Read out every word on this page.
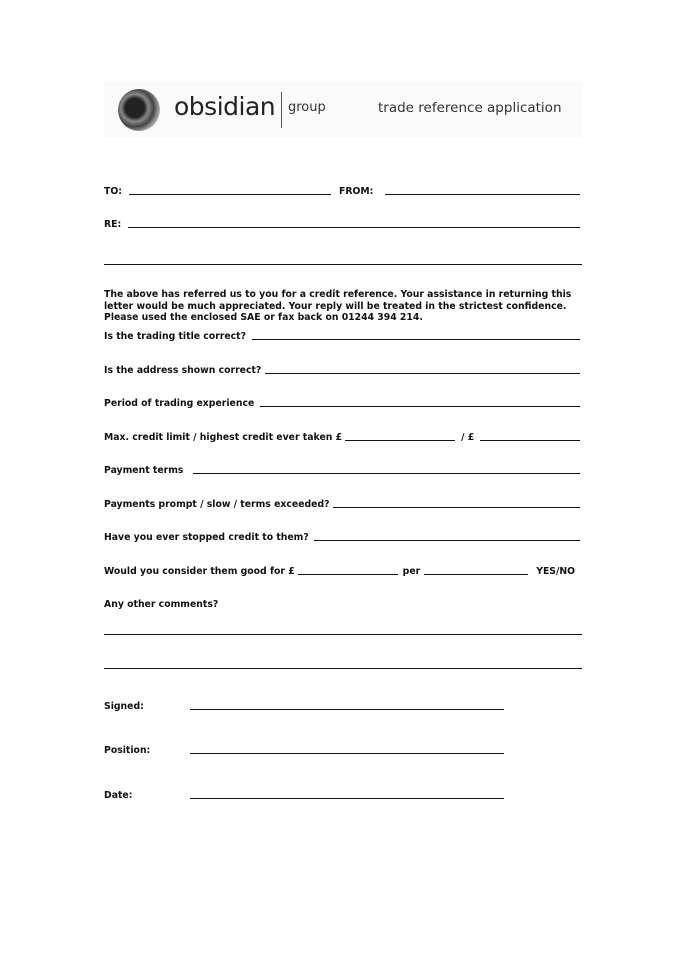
obsidian group	trade reference application
TO:	FROM:
RE:
The above has referred us to you for a credit reference. Your assistance in returning this letter would be much appreciated. Your reply will be treated in the strictest confidence. Please used the enclosed SAE or fax back on 01244 394 214.
Is the trading title correct?
Is the address shown correct?
Period of trading experience
Max. credit limit / highest credit ever taken £	/ £
Payment terms
Payments prompt / slow / terms exceeded?
Have you ever stopped credit to them?
Would you consider them good for £	per	YES/NO
Any other comments?
Signed:
Position:
Date:
